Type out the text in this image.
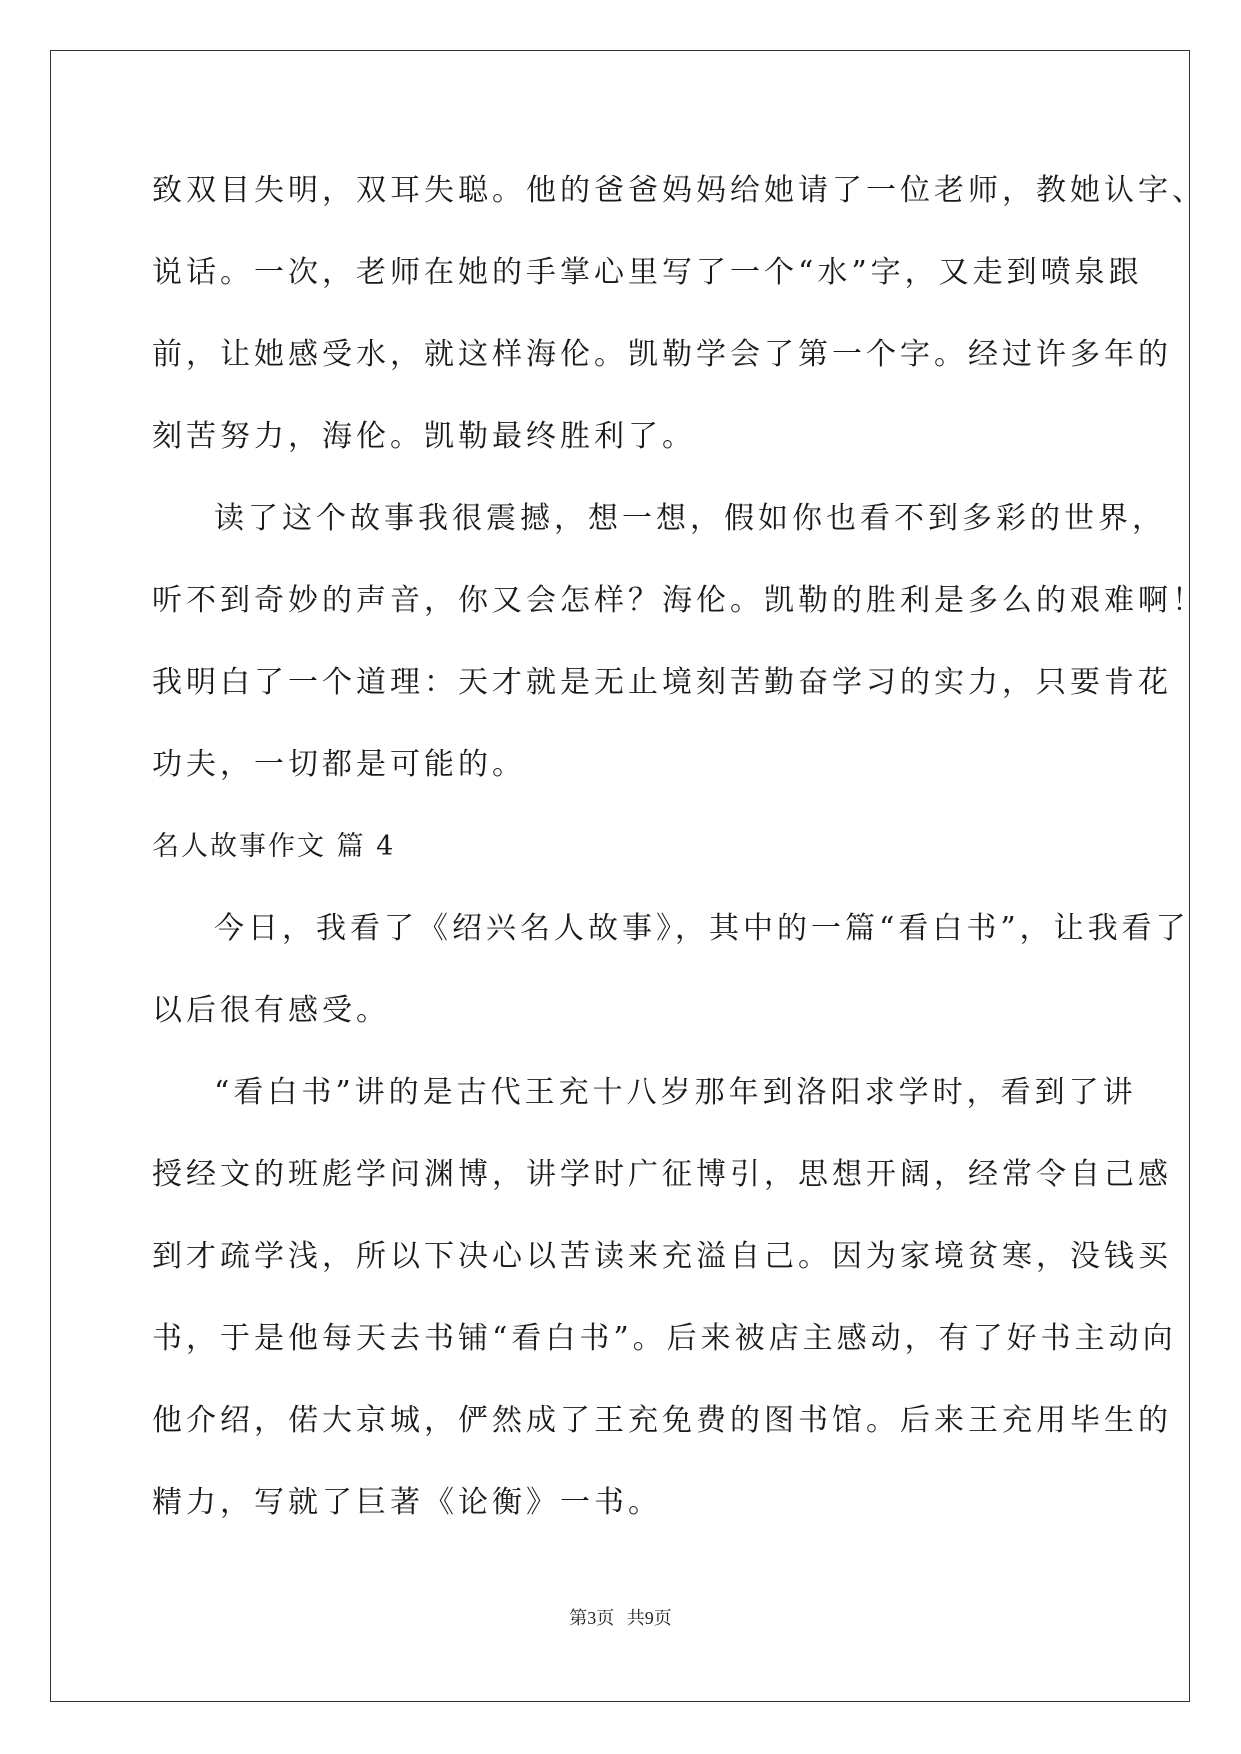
致双目失明，双耳失聪。他的爸爸妈妈给她请了一位老师，教她认字、
说话。一次，老师在她的手掌心里写了一个“水”字，又走到喷泉跟
前，让她感受水，就这样海伦。凯勒学会了第一个字。经过许多年的
刻苦努力，海伦。凯勒最终胜利了。
读了这个故事我很震撼，想一想，假如你也看不到多彩的世界，
听不到奇妙的声音，你又会怎样？海伦。凯勒的胜利是多么的艰难啊！
我明白了一个道理：天才就是无止境刻苦勤奋学习的实力，只要肯花
功夫，一切都是可能的。
名人故事作文 篇 4
今日，我看了《绍兴名人故事》，其中的一篇“看白书”，让我看了
以后很有感受。
“看白书”讲的是古代王充十八岁那年到洛阳求学时，看到了讲
授经文的班彪学问渊博，讲学时广征博引，思想开阔，经常令自己感
到才疏学浅，所以下决心以苦读来充溢自己。因为家境贫寒，没钱买
书，于是他每天去书铺“看白书”。后来被店主感动，有了好书主动向
他介绍，偌大京城，俨然成了王充免费的图书馆。后来王充用毕生的
精力，写就了巨著《论衡》一书。
第3页 共9页
